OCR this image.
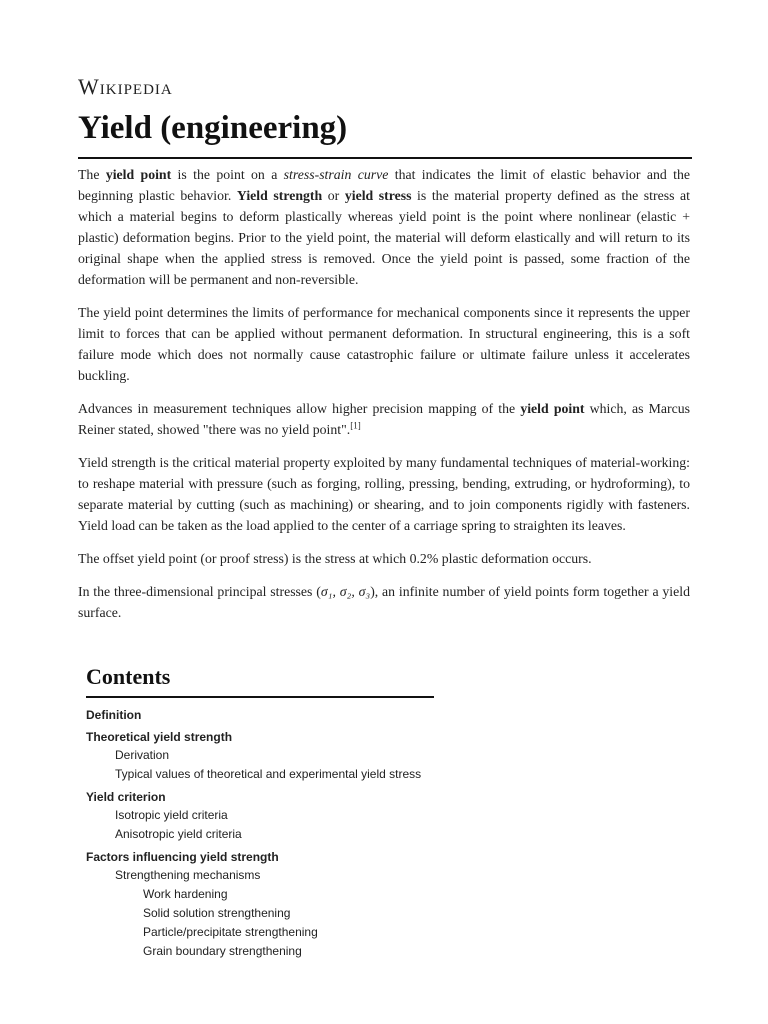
Wikipedia
Yield (engineering)

The yield point is the point on a stress-strain curve that indicates the limit of elastic behavior and the beginning plastic behavior. Yield strength or yield stress is the material property defined as the stress at which a material begins to deform plastically whereas yield point is the point where nonlinear (elastic + plastic) deformation begins. Prior to the yield point, the material will deform elastically and will return to its original shape when the applied stress is removed. Once the yield point is passed, some fraction of the deformation will be permanent and non-reversible.

The yield point determines the limits of performance for mechanical components since it represents the upper limit to forces that can be applied without permanent deformation. In structural engineering, this is a soft failure mode which does not normally cause catastrophic failure or ultimate failure unless it accelerates buckling.

Advances in measurement techniques allow higher precision mapping of the yield point which, as Marcus Reiner stated, showed "there was no yield point".[1]

Yield strength is the critical material property exploited by many fundamental techniques of material-working: to reshape material with pressure (such as forging, rolling, pressing, bending, extruding, or hydroforming), to separate material by cutting (such as machining) or shearing, and to join components rigidly with fasteners. Yield load can be taken as the load applied to the center of a carriage spring to straighten its leaves.

The offset yield point (or proof stress) is the stress at which 0.2% plastic deformation occurs.

In the three-dimensional principal stresses (σ₁, σ₂, σ₃), an infinite number of yield points form together a yield surface.

Contents
Definition
Theoretical yield strength
Derivation
Typical values of theoretical and experimental yield stress
Yield criterion
Isotropic yield criteria
Anisotropic yield criteria
Factors influencing yield strength
Strengthening mechanisms
Work hardening
Solid solution strengthening
Particle/precipitate strengthening
Grain boundary strengthening
